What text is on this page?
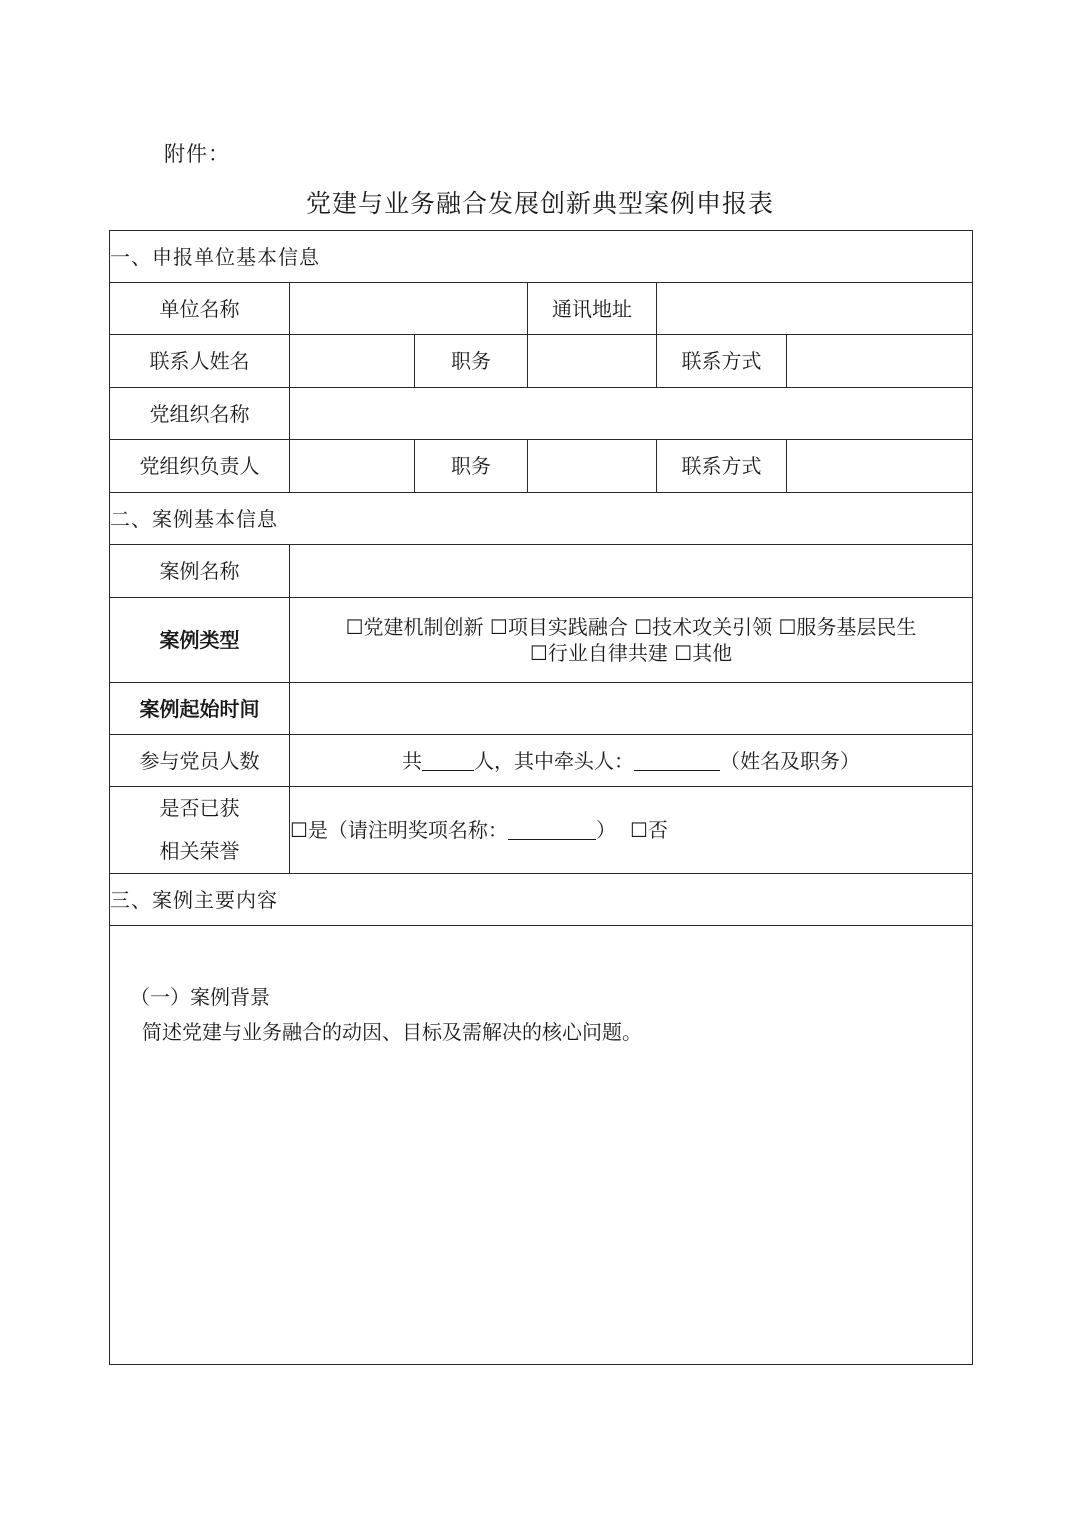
附件：
党建与业务融合发展创新典型案例申报表
一、申报单位基本信息					
单位名称			通讯地址		
联系人姓名		职务		联系方式	
党组织名称					
党组织负责人		职务		联系方式	
二、案例基本信息					
案例名称					
案例类型	☐党建机制创新 ☐项目实践融合 ☐技术攻关引领 ☐服务基层民生
☐行业自律共建 ☐其他				

案例起始时间					
参与党员人数	共 人，其中牵头人： （姓名及职务）				

是否已获
相关荣誉	☐是（请注明奖项名称： ） ☐否				
三、案例主要内容					

（一）案例背景
简述党建与业务融合的动因、目标及需解决的核心问题。					
